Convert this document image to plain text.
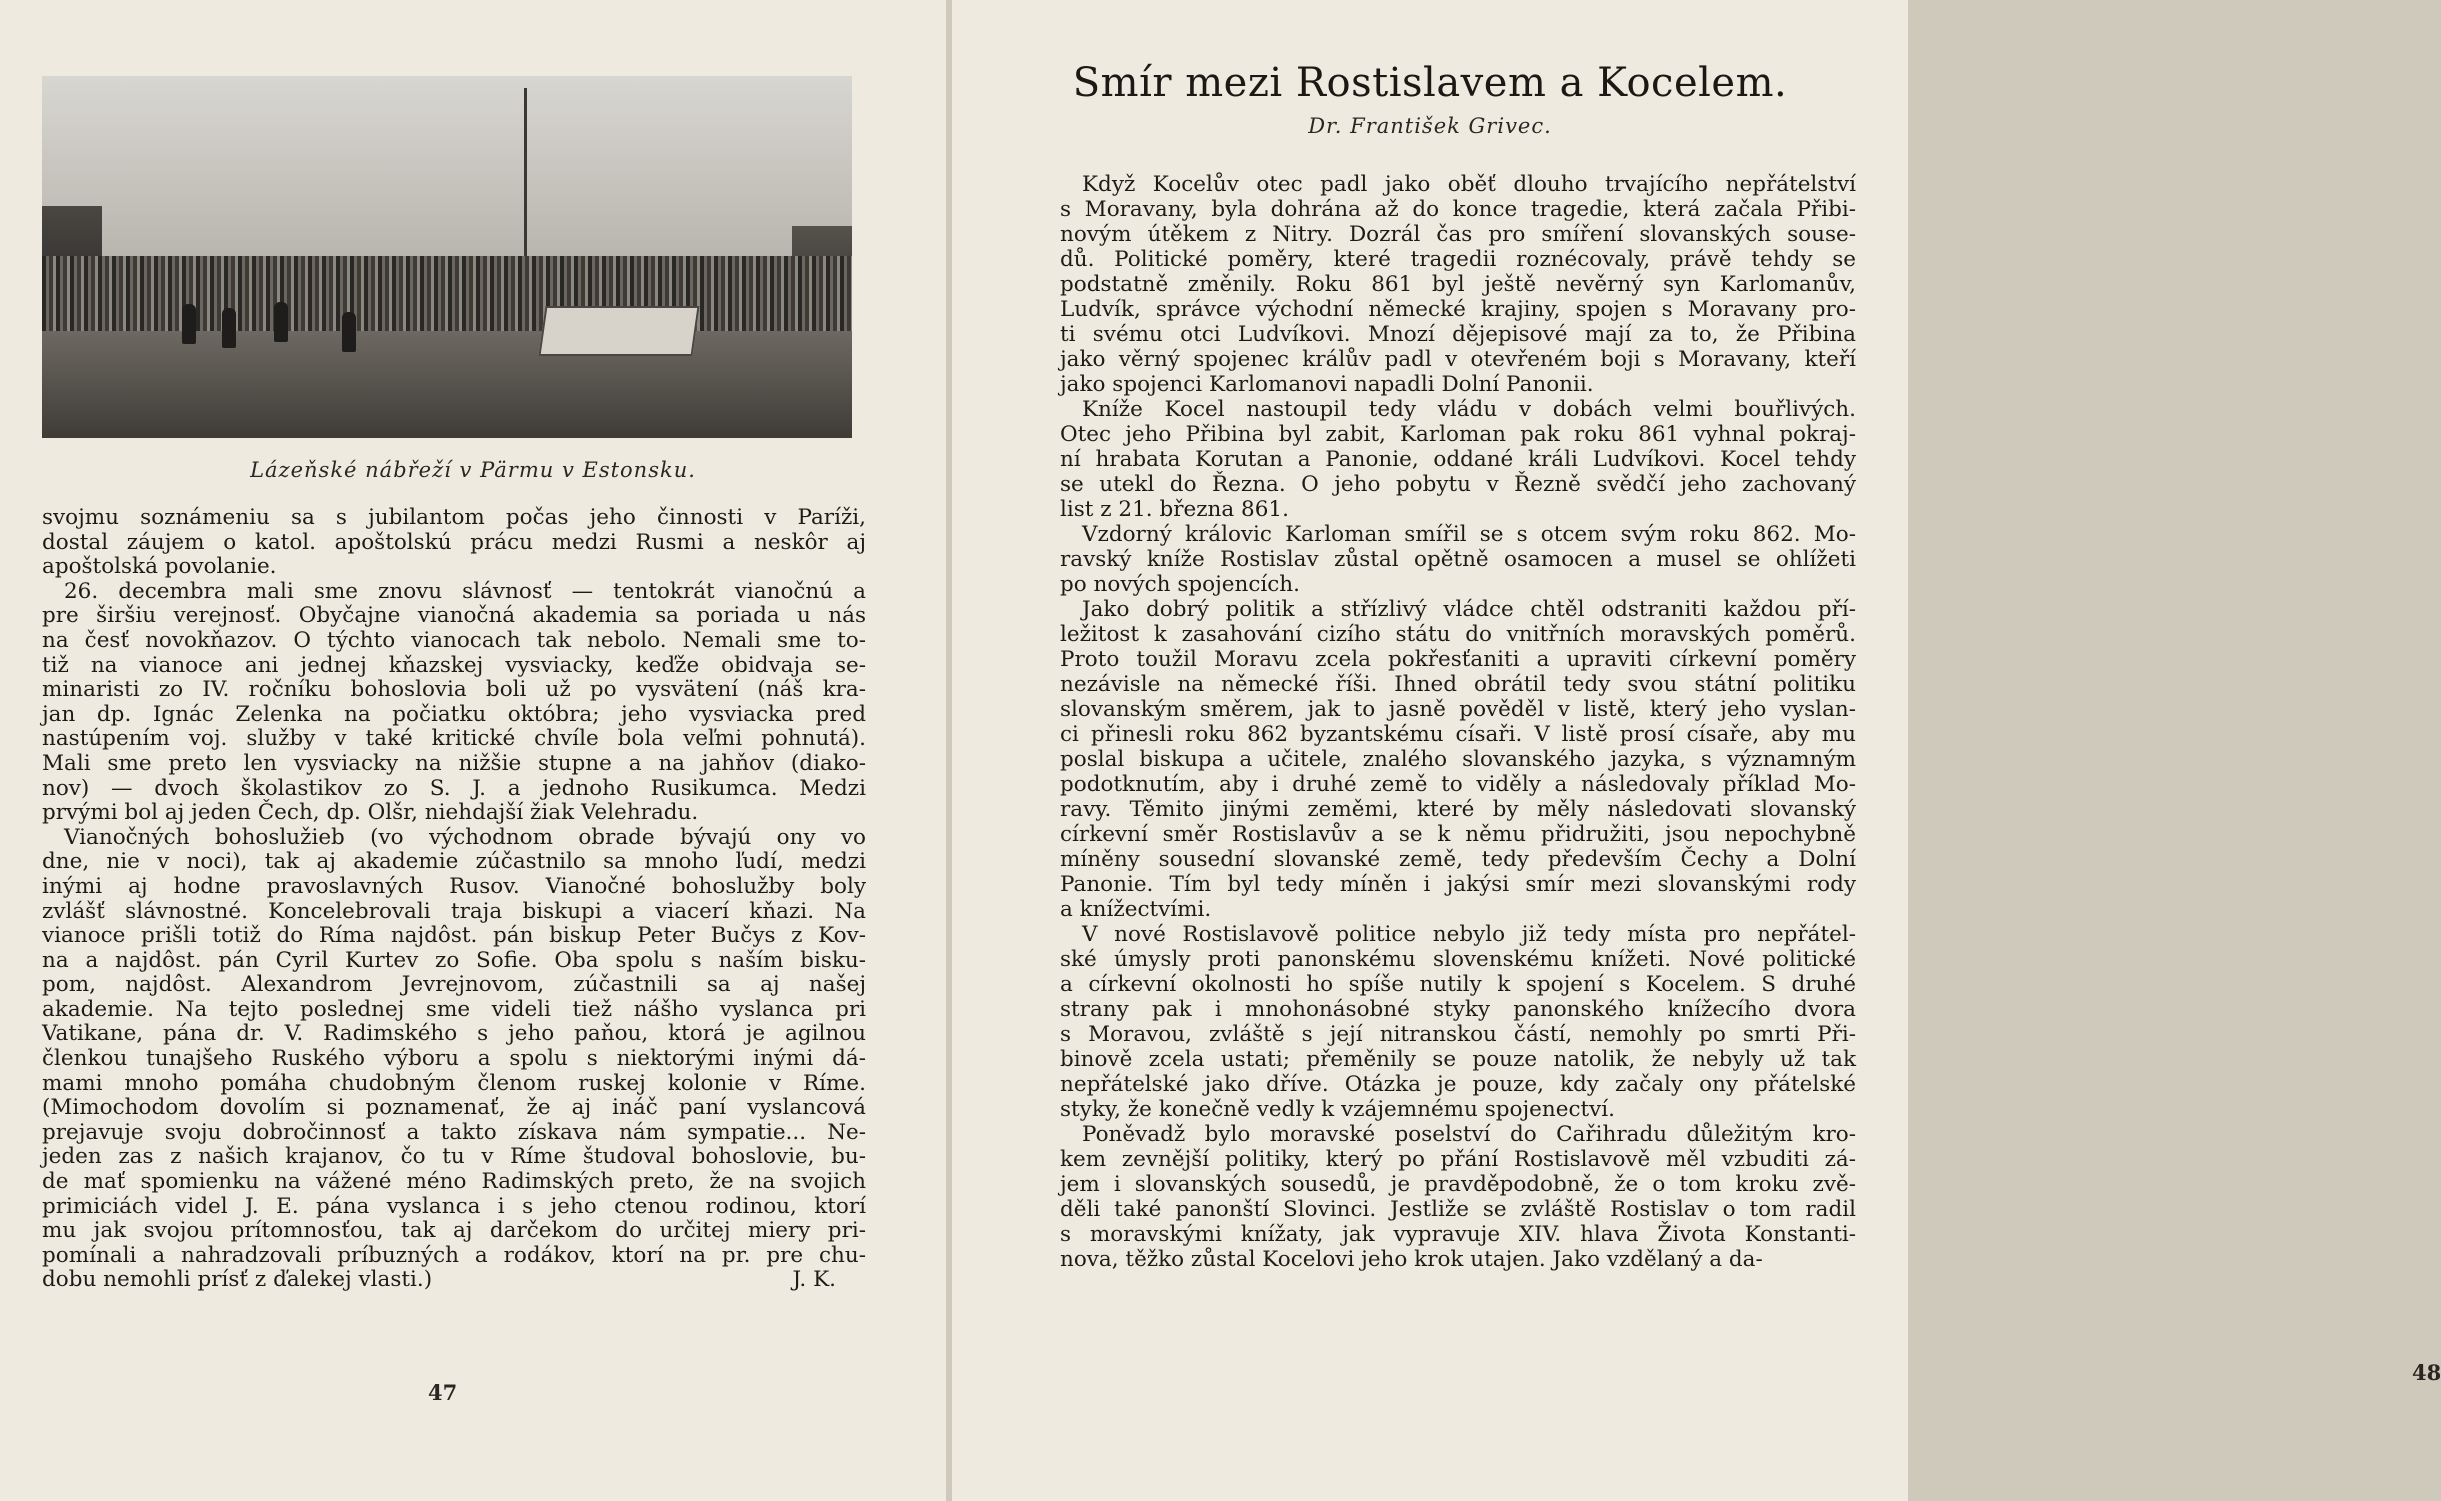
Lázeňské nábřeží v Pärmu v Estonsku.
svojmu soznámeniu sa s jubilantom počas jeho činnosti v Paríži,
dostal záujem o katol. apoštolskú prácu medzi Rusmi a neskôr aj
apoštolská povolanie.
26. decembra mali sme znovu slávnosť — tentokrát vianočnú a
pre širšiu verejnosť. Obyčajne vianočná akademia sa poriada u nás
na česť novokňazov. O týchto vianocach tak nebolo. Nemali sme to-
tiž na vianoce ani jednej kňazskej vysviacky, keďže obidvaja se-
minaristi zo IV. ročníku bohoslovia boli už po vysvätení (náš kra-
jan dp. Ignác Zelenka na počiatku októbra; jeho vysviacka pred
nastúpením voj. služby v také kritické chvíle bola veľmi pohnutá).
Mali sme preto len vysviacky na nižšie stupne a na jahňov (diako-
nov) — dvoch školastikov zo S. J. a jednoho Rusikumca. Medzi
prvými bol aj jeden Čech, dp. Olšr, niehdajší žiak Velehradu.
Vianočných bohoslužieb (vo východnom obrade bývajú ony vo
dne, nie v noci), tak aj akademie zúčastnilo sa mnoho ľudí, medzi
inými aj hodne pravoslavných Rusov. Vianočné bohoslužby boly
zvlášť slávnostné. Koncelebrovali traja biskupi a viacerí kňazi. Na
vianoce prišli totiž do Ríma najdôst. pán biskup Peter Bučys z Kov-
na a najdôst. pán Cyril Kurtev zo Sofie. Oba spolu s naším bisku-
pom, najdôst. Alexandrom Jevrejnovom, zúčastnili sa aj našej
akademie. Na tejto poslednej sme videli tiež nášho vyslanca pri
Vatikane, pána dr. V. Radimského s jeho paňou, ktorá je agilnou
členkou tunajšeho Ruského výboru a spolu s niektorými inými dá-
mami mnoho pomáha chudobným členom ruskej kolonie v Ríme.
(Mimochodom dovolím si poznamenať, že aj ináč paní vyslancová
prejavuje svoju dobročinnosť a takto získava nám sympatie... Ne-
jeden zas z našich krajanov, čo tu v Ríme študoval bohoslovie, bu-
de mať spomienku na vážené méno Radimských preto, že na svojich
primiciách videl J. E. pána vyslanca i s jeho ctenou rodinou, ktorí
mu jak svojou prítomnosťou, tak aj darčekom do určitej miery pri-
pomínali a nahradzovali príbuzných a rodákov, ktorí na pr. pre chu-
dobu nemohli prísť z ďalekej vlasti.)	J. K.
47
Smír mezi Rostislavem a Kocelem.
Dr. František Grivec.
Když Kocelův otec padl jako oběť dlouho trvajícího nepřátelství
s Moravany, byla dohrána až do konce tragedie, která začala Přibi-
novým útěkem z Nitry. Dozrál čas pro smíření slovanských souse-
dů. Politické poměry, které tragedii roznécovaly, právě tehdy se
podstatně změnily. Roku 861 byl ještě nevěrný syn Karlomanův,
Ludvík, správce východní německé krajiny, spojen s Moravany pro-
ti svému otci Ludvíkovi. Mnozí dějepisové mají za to, že Přibina
jako věrný spojenec králův padl v otevřeném boji s Moravany, kteří
jako spojenci Karlomanovi napadli Dolní Panonii.
Kníže Kocel nastoupil tedy vládu v dobách velmi bouřlivých.
Otec jeho Přibina byl zabit, Karloman pak roku 861 vyhnal pokraj-
ní hrabata Korutan a Panonie, oddané králi Ludvíkovi. Kocel tehdy
se utekl do Řezna. O jeho pobytu v Řezně svědčí jeho zachovaný
list z 21. března 861.
Vzdorný královic Karloman smířil se s otcem svým roku 862. Mo-
ravský kníže Rostislav zůstal opětně osamocen a musel se ohlížeti
po nových spojencích.
Jako dobrý politik a střízlivý vládce chtěl odstraniti každou pří-
ležitost k zasahování cizího státu do vnitřních moravských poměrů.
Proto toužil Moravu zcela pokřesťaniti a upraviti církevní poměry
nezávisle na německé říši. Ihned obrátil tedy svou státní politiku
slovanským směrem, jak to jasně pověděl v listě, který jeho vyslan-
ci přinesli roku 862 byzantskému císaři. V listě prosí císaře, aby mu
poslal biskupa a učitele, znalého slovanského jazyka, s významným
podotknutím, aby i druhé země to viděly a následovaly příklad Mo-
ravy. Těmito jinými zeměmi, které by měly následovati slovanský
církevní směr Rostislavův a se k němu přidružiti, jsou nepochybně
míněny sousední slovanské země, tedy především Čechy a Dolní
Panonie. Tím byl tedy míněn i jakýsi smír mezi slovanskými rody
a knížectvími.
V nové Rostislavově politice nebylo již tedy místa pro nepřátel-
ské úmysly proti panonskému slovenskému knížeti. Nové politické
a církevní okolnosti ho spíše nutily k spojení s Kocelem. S druhé
strany pak i mnohonásobné styky panonského knížecího dvora
s Moravou, zvláště s její nitranskou částí, nemohly po smrti Při-
binově zcela ustati; přeměnily se pouze natolik, že nebyly už tak
nepřátelské jako dříve. Otázka je pouze, kdy začaly ony přátelské
styky, že konečně vedly k vzájemnému spojenectví.
Poněvadž bylo moravské poselství do Cařihradu důležitým kro-
kem zevnější politiky, který po přání Rostislavově měl vzbuditi zá-
jem i slovanských sousedů, je pravděpodobně, že o tom kroku zvě-
děli také panonští Slovinci. Jestliže se zvláště Rostislav o tom radil
s moravskými knížaty, jak vypravuje XIV. hlava Života Konstanti-
nova, těžko zůstal Kocelovi jeho krok utajen. Jako vzdělaný a da-
48
